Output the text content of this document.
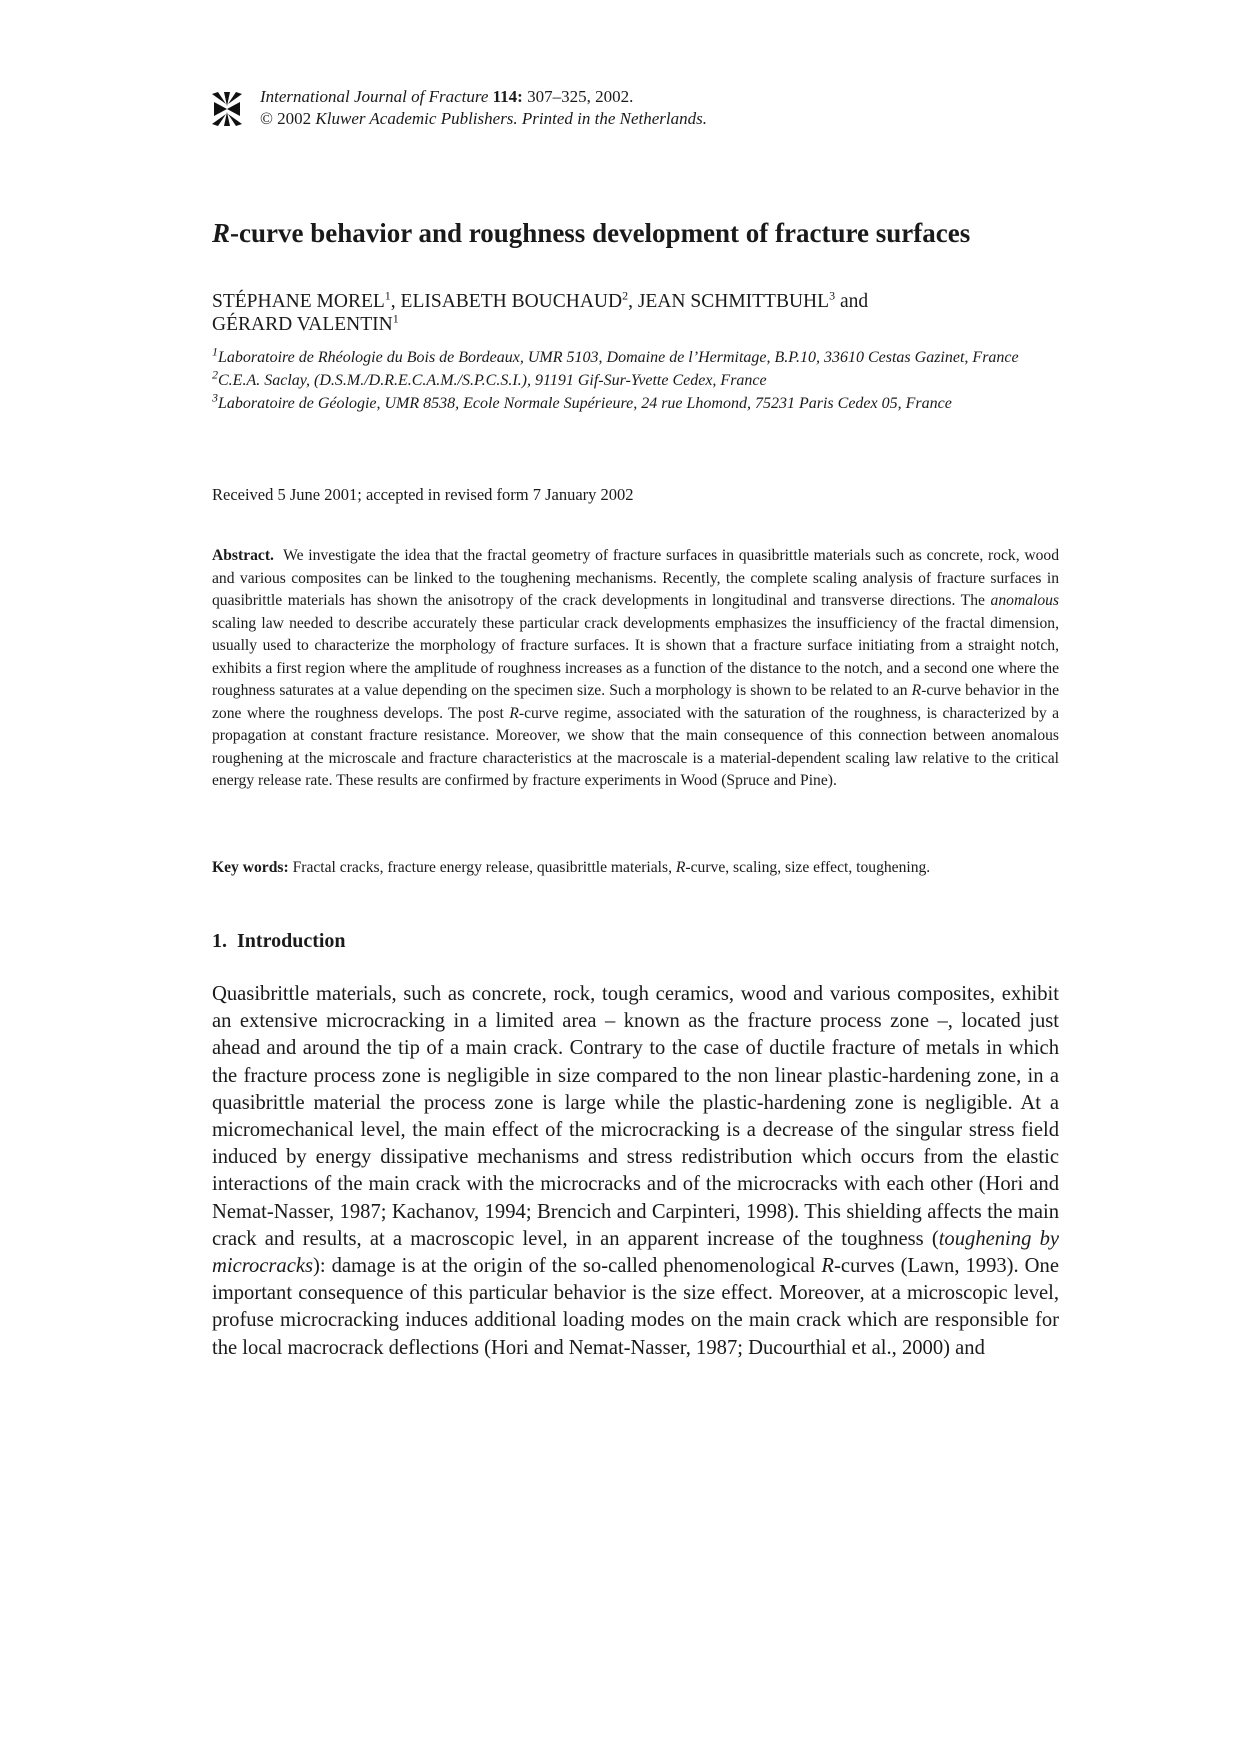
International Journal of Fracture 114: 307–325, 2002.
© 2002 Kluwer Academic Publishers. Printed in the Netherlands.
R-curve behavior and roughness development of fracture surfaces
STÉPHANE MOREL$^1$, ELISABETH BOUCHAUD$^2$, JEAN SCHMITTBUHL$^3$ and
GÉRARD VALENTIN$^1$
$^1$Laboratoire de Rhéologie du Bois de Bordeaux, UMR 5103, Domaine de l’Hermitage, B.P.10, 33610 Cestas Gazinet, France
$^2$C.E.A. Saclay, (D.S.M./D.R.E.C.A.M./S.P.C.S.I.), 91191 Gif-Sur-Yvette Cedex, France
$^3$Laboratoire de Géologie, UMR 8538, Ecole Normale Supérieure, 24 rue Lhomond, 75231 Paris Cedex 05, France
Received 5 June 2001; accepted in revised form 7 January 2002
Abstract. We investigate the idea that the fractal geometry of fracture surfaces in quasibrittle materials such as concrete, rock, wood and various composites can be linked to the toughening mechanisms. Recently, the complete scaling analysis of fracture surfaces in quasibrittle materials has shown the anisotropy of the crack developments in longitudinal and transverse directions. The anomalous scaling law needed to describe accurately these particular crack developments emphasizes the insufficiency of the fractal dimension, usually used to characterize the morphology of fracture surfaces. It is shown that a fracture surface initiating from a straight notch, exhibits a first region where the amplitude of roughness increases as a function of the distance to the notch, and a second one where the roughness saturates at a value depending on the specimen size. Such a morphology is shown to be related to an R-curve behavior in the zone where the roughness develops. The post R-curve regime, associated with the saturation of the roughness, is characterized by a propagation at constant fracture resistance. Moreover, we show that the main consequence of this connection between anomalous roughening at the microscale and fracture characteristics at the macroscale is a material-dependent scaling law relative to the critical energy release rate. These results are confirmed by fracture experiments in Wood (Spruce and Pine).
Key words: Fractal cracks, fracture energy release, quasibrittle materials, R-curve, scaling, size effect, toughening.
1. Introduction
Quasibrittle materials, such as concrete, rock, tough ceramics, wood and various composites, exhibit an extensive microcracking in a limited area – known as the fracture process zone –, located just ahead and around the tip of a main crack. Contrary to the case of ductile fracture of metals in which the fracture process zone is negligible in size compared to the non linear plastic-hardening zone, in a quasibrittle material the process zone is large while the plastic-hardening zone is negligible. At a micromechanical level, the main effect of the microcracking is a decrease of the singular stress field induced by energy dissipative mechanisms and stress redistribution which occurs from the elastic interactions of the main crack with the microcracks and of the microcracks with each other (Hori and Nemat-Nasser, 1987; Kachanov, 1994; Brencich and Carpinteri, 1998). This shielding affects the main crack and results, at a macroscopic level, in an apparent increase of the toughness (toughening by microcracks): damage is at the origin of the so-called phenomenological R-curves (Lawn, 1993). One important consequence of this particular behavior is the size effect. Moreover, at a microscopic level, profuse microcracking induces additional loading modes on the main crack which are responsible for the local macrocrack deflections (Hori and Nemat-Nasser, 1987; Ducourthial et al., 2000) and
